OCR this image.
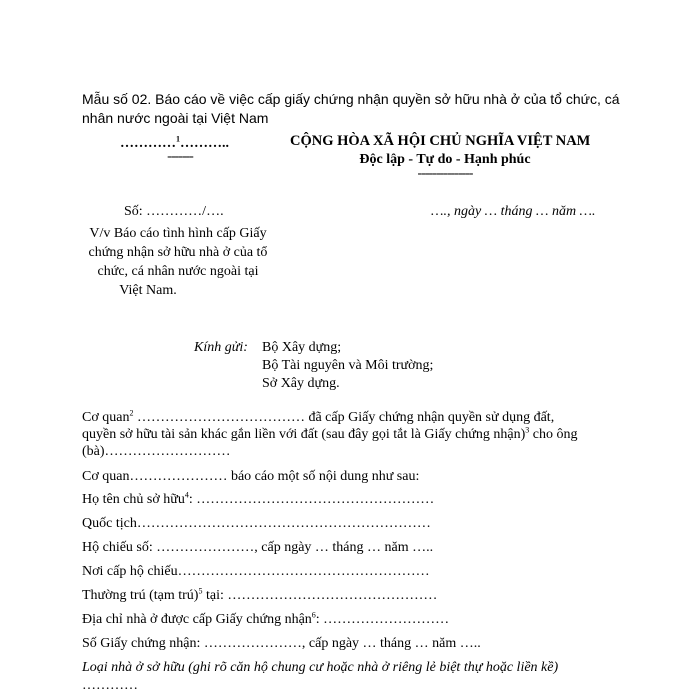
Mẫu số 02. Báo cáo về việc cấp giấy chứng nhận quyền sở hữu nhà ở của tổ chức, cá
nhân nước ngoài tại Việt Nam
…………$^1$………..
-------
CỘNG HÒA XÃ HỘI CHỦ NGHĨA VIỆT NAM
Độc lập - Tự do - Hạnh phúc
---------------
Số: …………/….	…., ngày … tháng … năm ….
V/v Báo cáo tình hình cấp Giấy
chứng nhận sở hữu nhà ở của tổ
chức, cá nhân nước ngoài tại
Việt Nam.
Kính gửi: Bộ Xây dựng;
Bộ Tài nguyên và Môi trường;
Sở Xây dựng.
Cơ quan$^2$ ……………………………… đã cấp Giấy chứng nhận quyền sử dụng đất,
quyền sở hữu tài sản khác gắn liền với đất (sau đây gọi tắt là Giấy chứng nhận)$^3$ cho ông
(bà)………………………
Cơ quan………………… báo cáo một số nội dung như sau:
Họ tên chủ sở hữu$^4$: ……………………………………………
Quốc tịch………………………………………………………
Hộ chiếu số: …………………, cấp ngày … tháng … năm …..
Nơi cấp hộ chiếu………………………………………………
Thường trú (tạm trú)$^5$ tại: ………………………………………
Địa chỉ nhà ở được cấp Giấy chứng nhận$^6$: ………………………
Số Giấy chứng nhận: …………………, cấp ngày … tháng … năm …..
Loại nhà ở sở hữu (ghi rõ căn hộ chung cư hoặc nhà ở riêng lẻ biệt thự hoặc liền kề)
…………
